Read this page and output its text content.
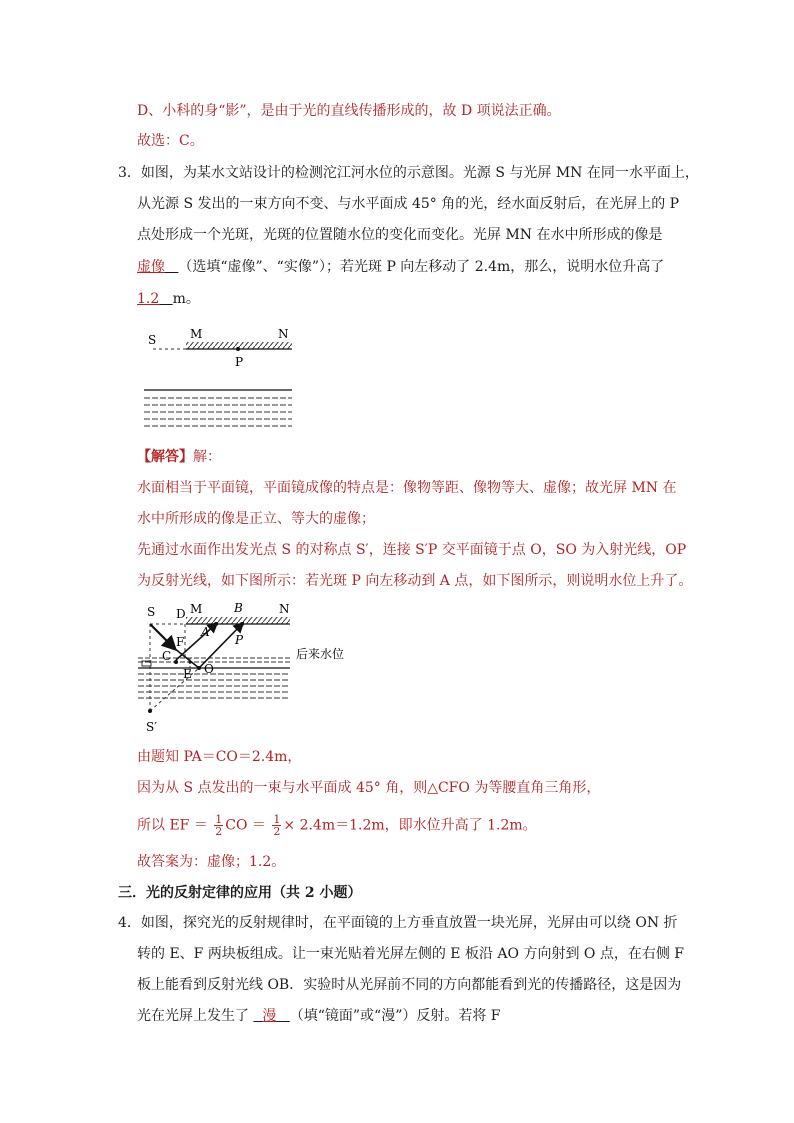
D、小科的身“影”，是由于光的直线传播形成的，故 D 项说法正确。
故选：C。
3．如图，为某水文站设计的检测沱江河水位的示意图。光源 S 与光屏 MN 在同一水平面上，
从光源 S 发出的一束方向不变、与水平面成 45° 角的光，经水面反射后，在光屏上的 P
点处形成一个光斑，光斑的位置随水位的变化而变化。光屏 MN 在水中所形成的像是
虚像 （选填“虚像”、“实像”）；若光斑 P 向左移动了 2.4m，那么，说明水位升高了
1.2 m。
S	M	N
P
【解答】解：
水面相当于平面镜，平面镜成像的特点是：像物等距、像物等大、虚像；故光屏 MN 在
水中所形成的像是正立、等大的虚像；
先通过水面作出发光点 S 的对称点 S′，连接 S′P 交平面镜于点 O，SO 为入射光线，OP
为反射光线，如下图所示：若光斑 P 向左移动到 A 点，如下图所示，则说明水位上升了。
S D M	B	N
后来水位
A
F	P
C
E O
S′
由题知 PA＝CO＝2.4m，
因为从 S 点发出的一束与水平面成 45° 角，则△CFO 为等腰直角三角形，
所以 EF ＝ $\frac{1}{2}$ CO ＝ $\frac{1}{2} \times 2.4m=1.2m$，即水位升高了 1.2m。
故答案为：虚像；1.2。
三．光的反射定律的应用（共 2 小题）
4．如图，探究光的反射规律时，在平面镜的上方垂直放置一块光屏，光屏由可以绕 ON 折
转的 E、F 两块板组成。让一束光贴着光屏左侧的 E 板沿 AO 方向射到 O 点，在右侧 F
板上能看到反射光线 OB．实验时从光屏前不同的方向都能看到光的传播路径，这是因为
光在光屏上发生了 漫 （填“镜面”或“漫”）反射。若将 F
